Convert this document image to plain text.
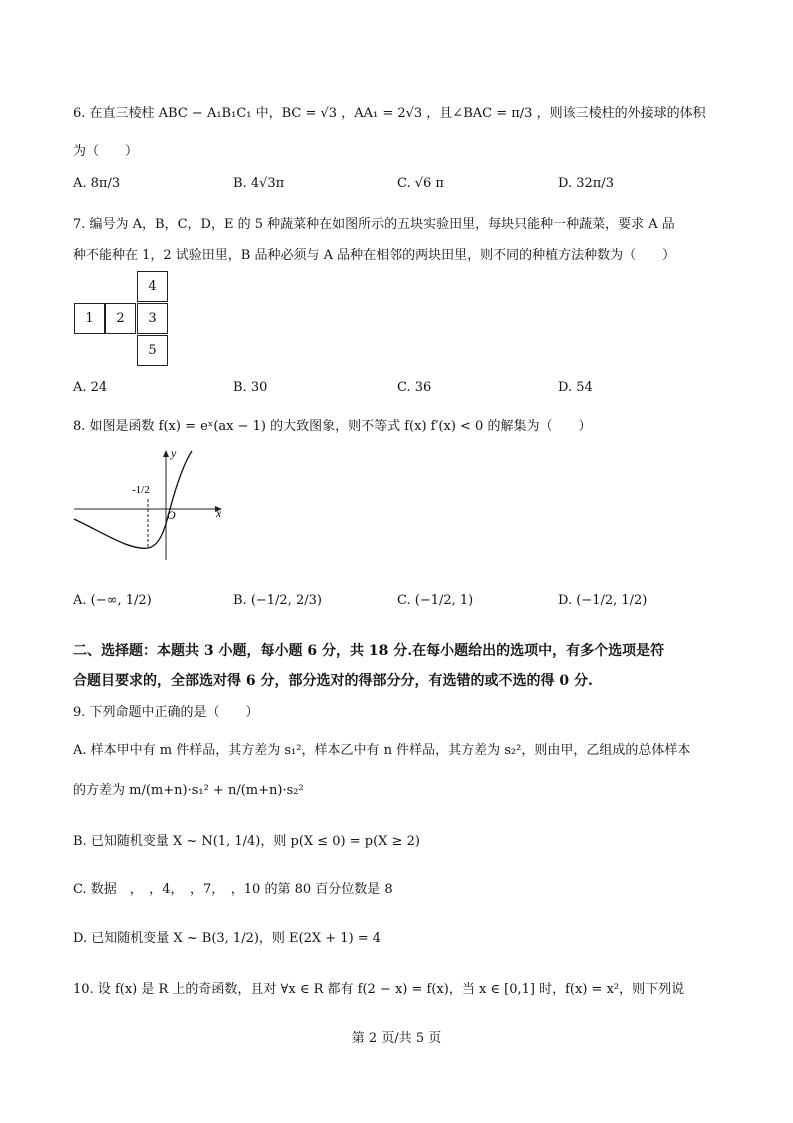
6. 在直三棱柱 ABC − A₁B₁C₁ 中，BC = √3 ，AA₁ = 2√3 ，且∠BAC = π/3 ，则该三棱柱的外接球的体积
为（　　）
A. 8π/3	B. 4√3π	C. √6 π	D. 32π/3
7. 编号为 A，B，C，D，E 的 5 种蔬菜种在如图所示的五块实验田里，每块只能种一种蔬菜，要求 A 品
种不能种在 1，2 试验田里，B 品种必须与 A 品种在相邻的两块田里，则不同的种植方法种数为（　　）
4
1	2	3
5
A. 24	B. 30	C. 36	D. 54
8. 如图是函数 f(x) = eˣ(ax − 1) 的大致图象，则不等式 f(x) f′(x) < 0 的解集为（　　）
y
x
O
-1/2
A. (−∞, 1/2)	B. (−1/2, 2/3)	C. (−1/2, 1)	D. (−1/2, 1/2)
二、选择题：本题共 3 小题，每小题 6 分，共 18 分.在每小题给出的选项中，有多个选项是符
合题目要求的，全部选对得 6 分，部分选对的得部分分，有选错的或不选的得 0 分.
9. 下列命题中正确的是（　　）
A. 样本甲中有 m 件样品，其方差为 s₁²，样本乙中有 n 件样品，其方差为 s₂²，则由甲，乙组成的总体样本
的方差为 m/(m+n)·s₁² + n/(m+n)·s₂²
B. 已知随机变量 X ~ N(1, 1/4)，则 p(X ≤ 0) = p(X ≥ 2)
C. 数据　，　，4，　，7，　，10 的第 80 百分位数是 8
D. 已知随机变量 X ~ B(3, 1/2)，则 E(2X + 1) = 4
10. 设 f(x) 是 R 上的奇函数，且对 ∀x ∈ R 都有 f(2 − x) = f(x)，当 x ∈ [0,1] 时，f(x) = x²，则下列说
第 2 页/共 5 页
